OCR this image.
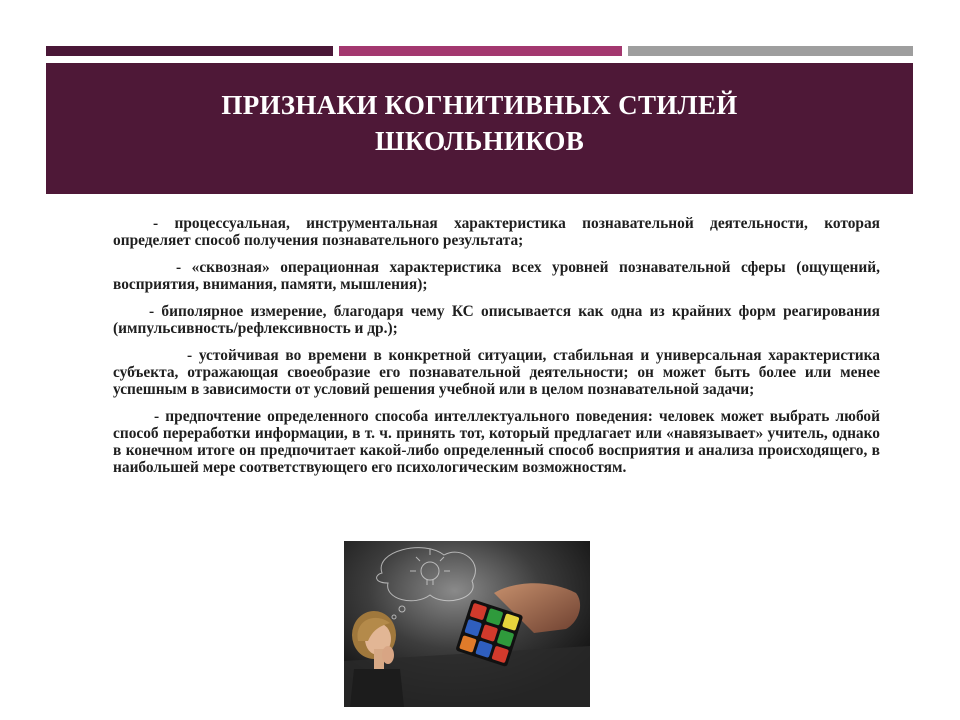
ПРИЗНАКИ КОГНИТИВНЫХ СТИЛЕЙ
ШКОЛЬНИКОВ

- процессуальная, инструментальная характеристика познавательной деятельности, которая определяет способ получения познавательного результата;

- «сквозная» операционная характеристика всех уровней познавательной сферы (ощущений, восприятия, внимания, памяти, мышления);

- биполярное измерение, благодаря чему КС описывается как одна из крайних форм реагирования (импульсивность/рефлексивность и др.);

- устойчивая во времени в конкретной ситуации, стабильная и универсальная характеристика субъекта, отражающая своеобразие его познавательной деятельности; он может быть более или менее успешным в зависимости от условий решения учебной или в целом познавательной задачи;

- предпочтение определенного способа интеллектуального поведения: человек может выбрать любой способ переработки информации, в т. ч. принять тот, который предлагает или «навязывает» учитель, однако в конечном итоге он предпочитает какой-либо определенный способ восприятия и анализа происходящего, в наибольшей мере соответствующего его психологическим возможностям.
